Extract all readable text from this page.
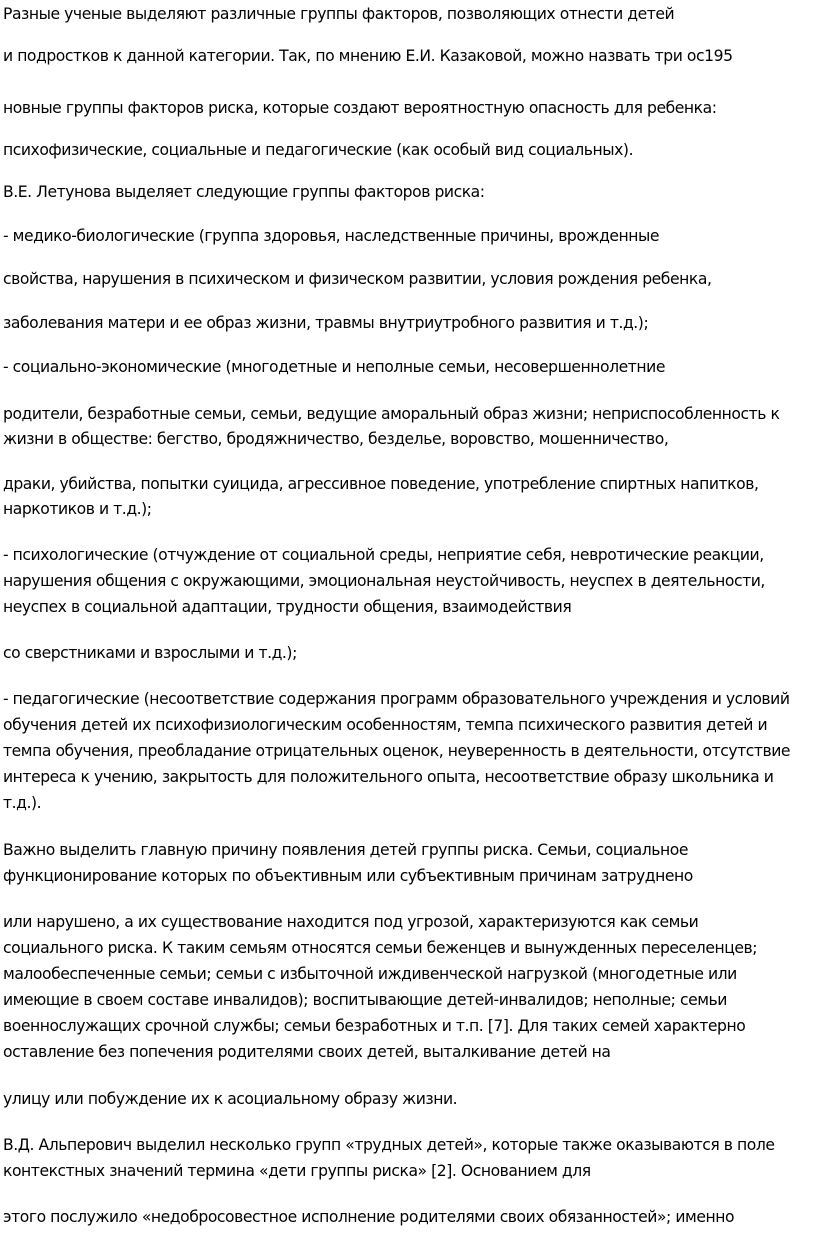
Разные ученые выделяют различные группы факторов, позволяющих отнести детей

и подростков к данной категории. Так, по мнению Е.И. Казаковой, можно назвать три ос195

новные группы факторов риска, которые создают вероятностную опасность для ребенка:

психофизические, социальные и педагогические (как особый вид социальных).

В.Е. Летунова выделяет следующие группы факторов риска:

- медико-биологические (группа здоровья, наследственные причины, врожденные

свойства, нарушения в психическом и физическом развитии, условия рождения ребенка,

заболевания матери и ее образ жизни, травмы внутриутробного развития и т.д.);

- социально-экономические (многодетные и неполные семьи, несовершеннолетние

родители, безработные семьи, семьи, ведущие аморальный образ жизни; неприспособленность к

жизни в обществе: бегство, бродяжничество, безделье, воровство, мошенничество,

драки, убийства, попытки суицида, агрессивное поведение, употребление спиртных напитков,

наркотиков и т.д.);

- психологические (отчуждение от социальной среды, неприятие себя, невротические реакции,

нарушения общения с окружающими, эмоциональная неустойчивость, неуспех в деятельности,

неуспех в социальной адаптации, трудности общения, взаимодействия

со сверстниками и взрослыми и т.д.);

- педагогические (несоответствие содержания программ образовательного учреждения и условий

обучения детей их психофизиологическим особенностям, темпа психического развития детей и

темпа обучения, преобладание отрицательных оценок, неуверенность в деятельности, отсутствие

интереса к учению, закрытость для положительного опыта, несоответствие образу школьника и

т.д.).

Важно выделить главную причину появления детей группы риска. Семьи, социальное

функционирование которых по объективным или субъективным причинам затруднено

или нарушено, а их существование находится под угрозой, характеризуются как семьи

социального риска. К таким семьям относятся семьи беженцев и вынужденных переселенцев;

малообеспеченные семьи; семьи с избыточной иждивенческой нагрузкой (многодетные или

имеющие в своем составе инвалидов); воспитывающие детей-инвалидов; неполные; семьи

военнослужащих срочной службы; семьи безработных и т.п. [7]. Для таких семей характерно

оставление без попечения родителями своих детей, выталкивание детей на

улицу или побуждение их к асоциальному образу жизни.

В.Д. Альперович выделил несколько групп «трудных детей», которые также оказываются в поле

контекстных значений термина «дети группы риска» [2]. Основанием для

этого послужило «недобросовестное исполнение родителями своих обязанностей»; именно
